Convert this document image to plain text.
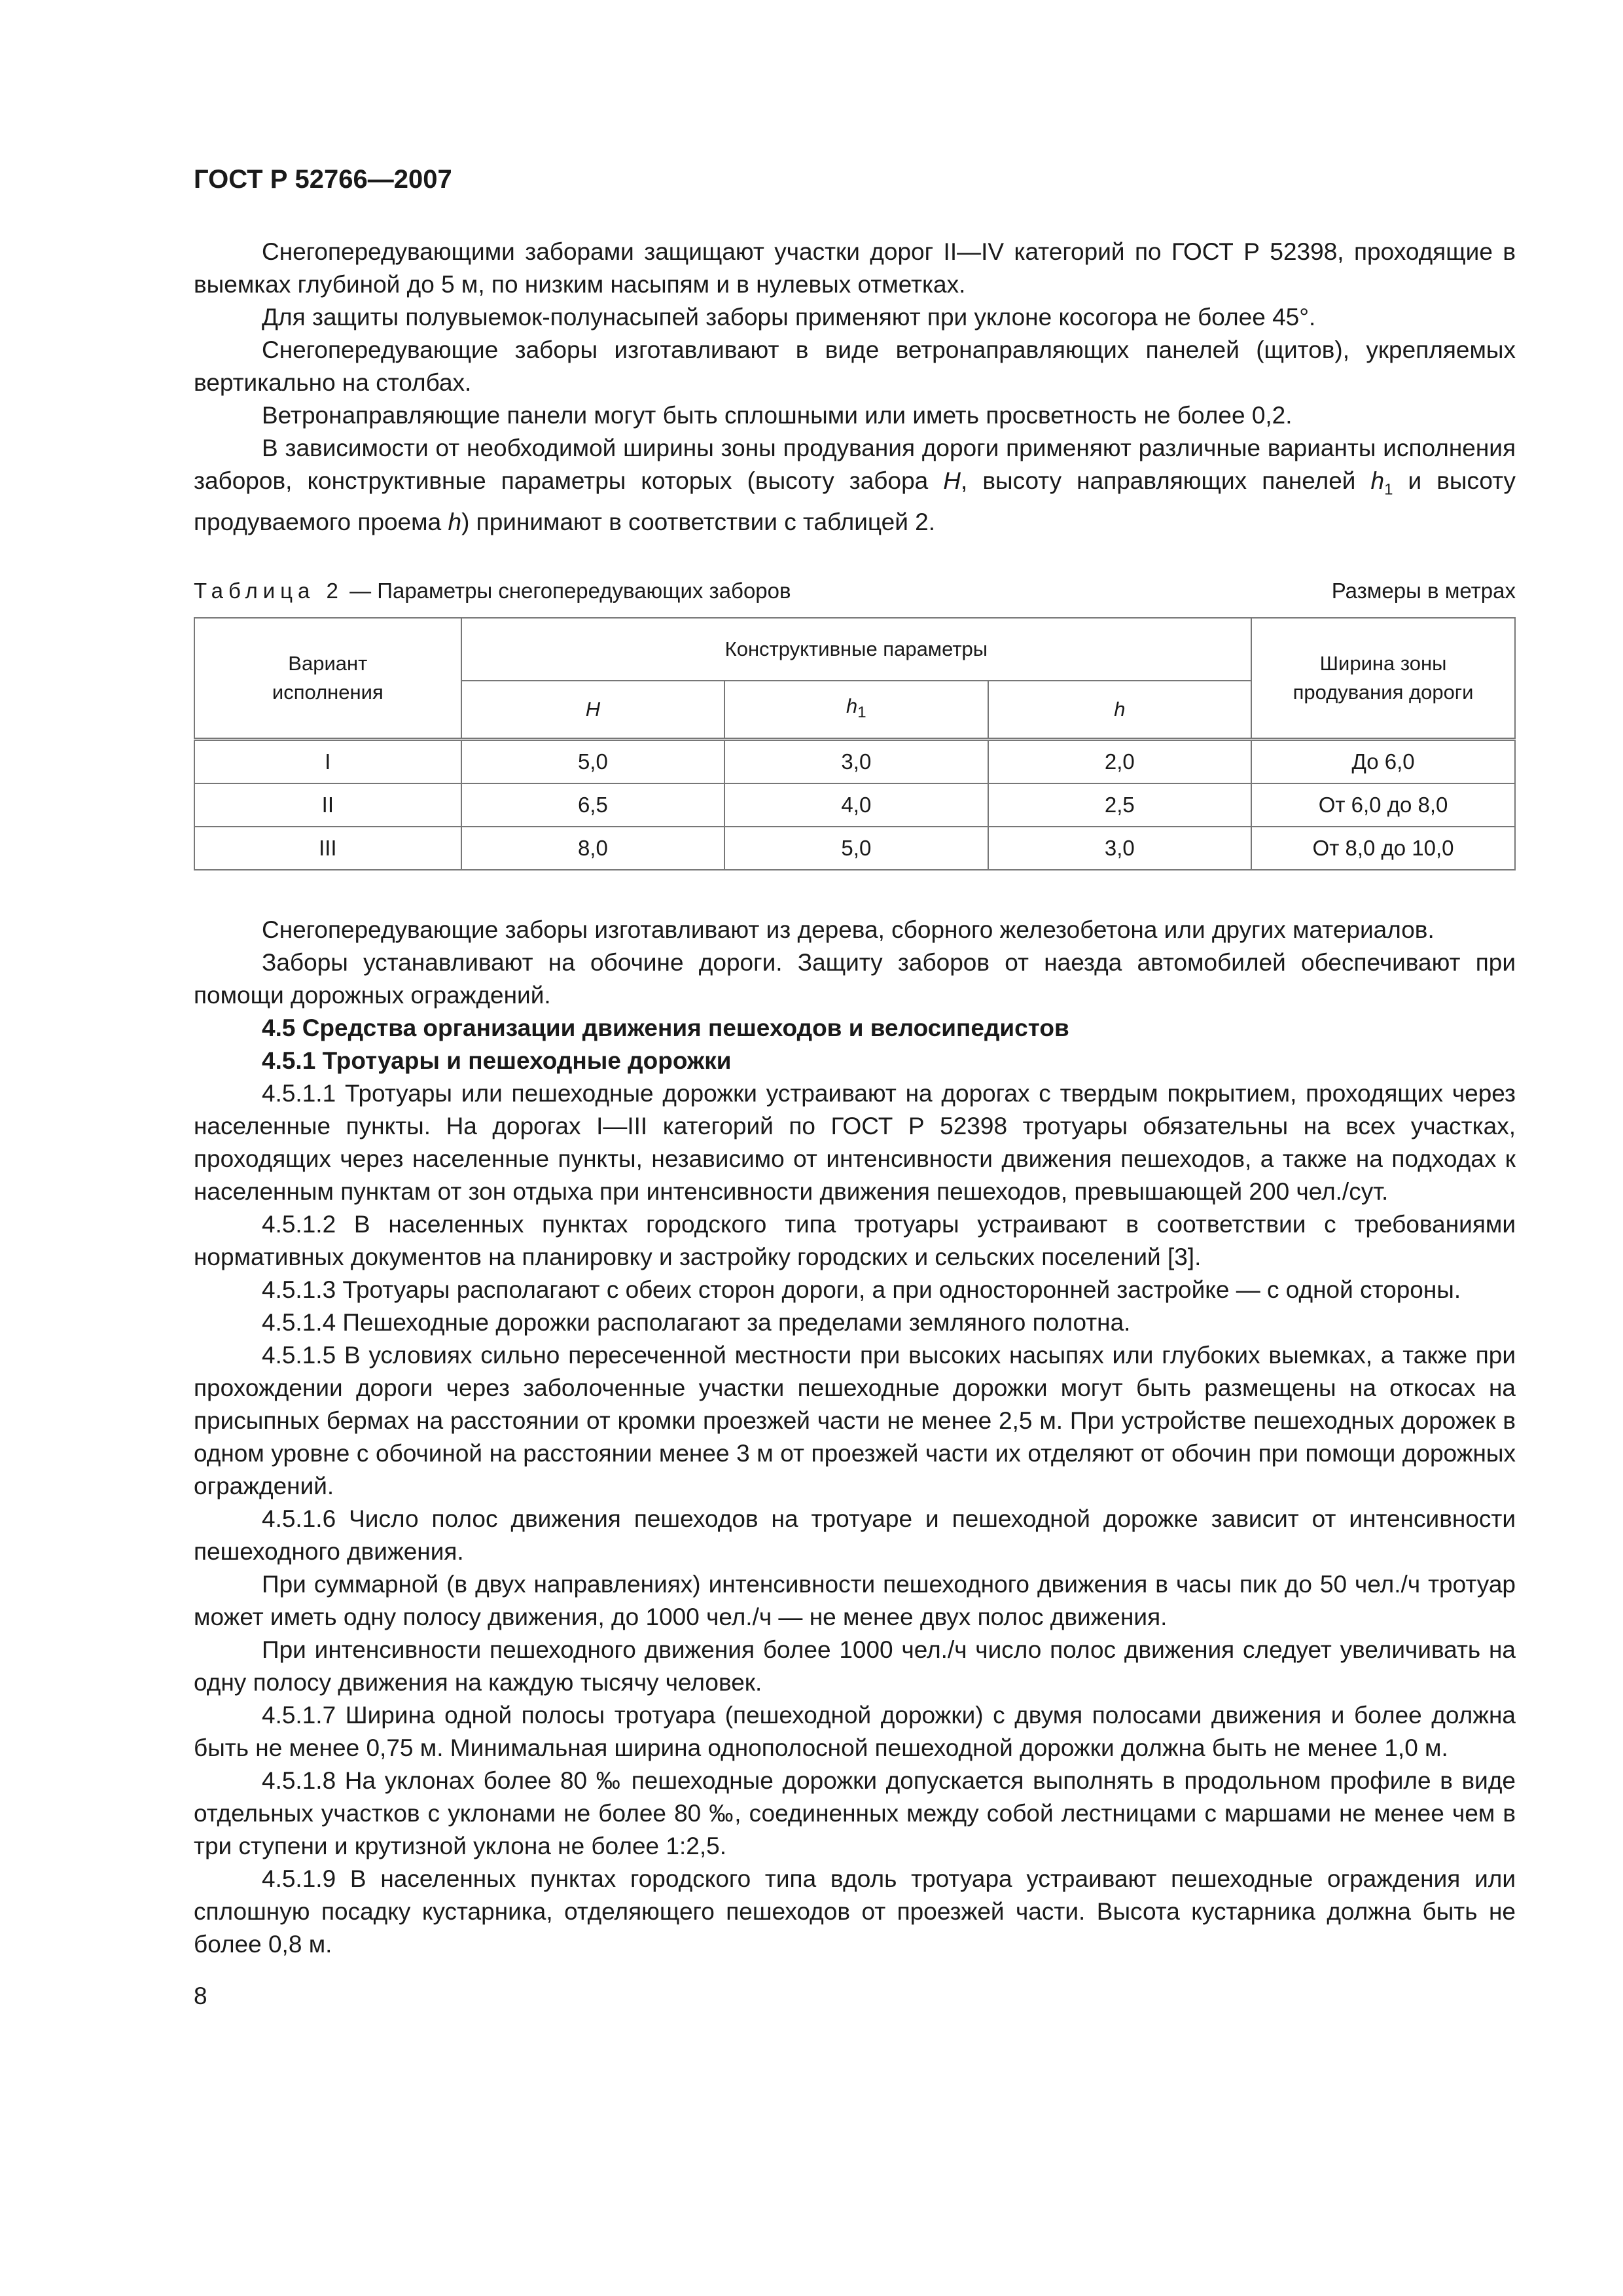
ГОСТ Р 52766—2007

Снегопередувающими заборами защищают участки дорог II—IV категорий по ГОСТ Р 52398, проходящие в выемках глубиной до 5 м, по низким насыпям и в нулевых отметках.

Для защиты полувыемок-полунасыпей заборы применяют при уклоне косогора не более 45°.

Снегопередувающие заборы изготавливают в виде ветронаправляющих панелей (щитов), укрепляемых вертикально на столбах.

Ветронаправляющие панели могут быть сплошными или иметь просветность не более 0,2.

В зависимости от необходимой ширины зоны продувания дороги применяют различные варианты исполнения заборов, конструктивные параметры которых (высоту забора H, высоту направляющих панелей $h_1$ и высоту продуваемого проема h) принимают в соответствии с таблицей 2.

Таблица 2 — Параметры снегопередувающих заборов	Размеры в метрах
Вариант исполнения	Конструктивные параметры			Ширина зоны продувания дороги

	H	$h_1$	h	
I	5,0	3,0	2,0	До 6,0
II	6,5	4,0	2,5	От 6,0 до 8,0
III	8,0	5,0	3,0	От 8,0 до 10,0

Снегопередувающие заборы изготавливают из дерева, сборного железобетона или других материалов.

Заборы устанавливают на обочине дороги. Защиту заборов от наезда автомобилей обеспечивают при помощи дорожных ограждений.

4.5 Средства организации движения пешеходов и велосипедистов

4.5.1 Тротуары и пешеходные дорожки

4.5.1.1 Тротуары или пешеходные дорожки устраивают на дорогах с твердым покрытием, проходящих через населенные пункты. На дорогах I—III категорий по ГОСТ Р 52398 тротуары обязательны на всех участках, проходящих через населенные пункты, независимо от интенсивности движения пешеходов, а также на подходах к населенным пунктам от зон отдыха при интенсивности движения пешеходов, превышающей 200 чел./сут.

4.5.1.2 В населенных пунктах городского типа тротуары устраивают в соответствии с требованиями нормативных документов на планировку и застройку городских и сельских поселений [3].

4.5.1.3 Тротуары располагают с обеих сторон дороги, а при односторонней застройке — с одной стороны.

4.5.1.4 Пешеходные дорожки располагают за пределами земляного полотна.

4.5.1.5 В условиях сильно пересеченной местности при высоких насыпях или глубоких выемках, а также при прохождении дороги через заболоченные участки пешеходные дорожки могут быть размещены на откосах на присыпных бермах на расстоянии от кромки проезжей части не менее 2,5 м. При устройстве пешеходных дорожек в одном уровне с обочиной на расстоянии менее 3 м от проезжей части их отделяют от обочин при помощи дорожных ограждений.

4.5.1.6 Число полос движения пешеходов на тротуаре и пешеходной дорожке зависит от интенсивности пешеходного движения.

При суммарной (в двух направлениях) интенсивности пешеходного движения в часы пик до 50 чел./ч тротуар может иметь одну полосу движения, до 1000 чел./ч — не менее двух полос движения.

При интенсивности пешеходного движения более 1000 чел./ч число полос движения следует увеличивать на одну полосу движения на каждую тысячу человек.

4.5.1.7 Ширина одной полосы тротуара (пешеходной дорожки) с двумя полосами движения и более должна быть не менее 0,75 м. Минимальная ширина однополосной пешеходной дорожки должна быть не менее 1,0 м.

4.5.1.8 На уклонах более 80 ‰ пешеходные дорожки допускается выполнять в продольном профиле в виде отдельных участков с уклонами не более 80 ‰, соединенных между собой лестницами с маршами не менее чем в три ступени и крутизной уклона не более 1:2,5.

4.5.1.9 В населенных пунктах городского типа вдоль тротуара устраивают пешеходные ограждения или сплошную посадку кустарника, отделяющего пешеходов от проезжей части. Высота кустарника должна быть не более 0,8 м.

8
